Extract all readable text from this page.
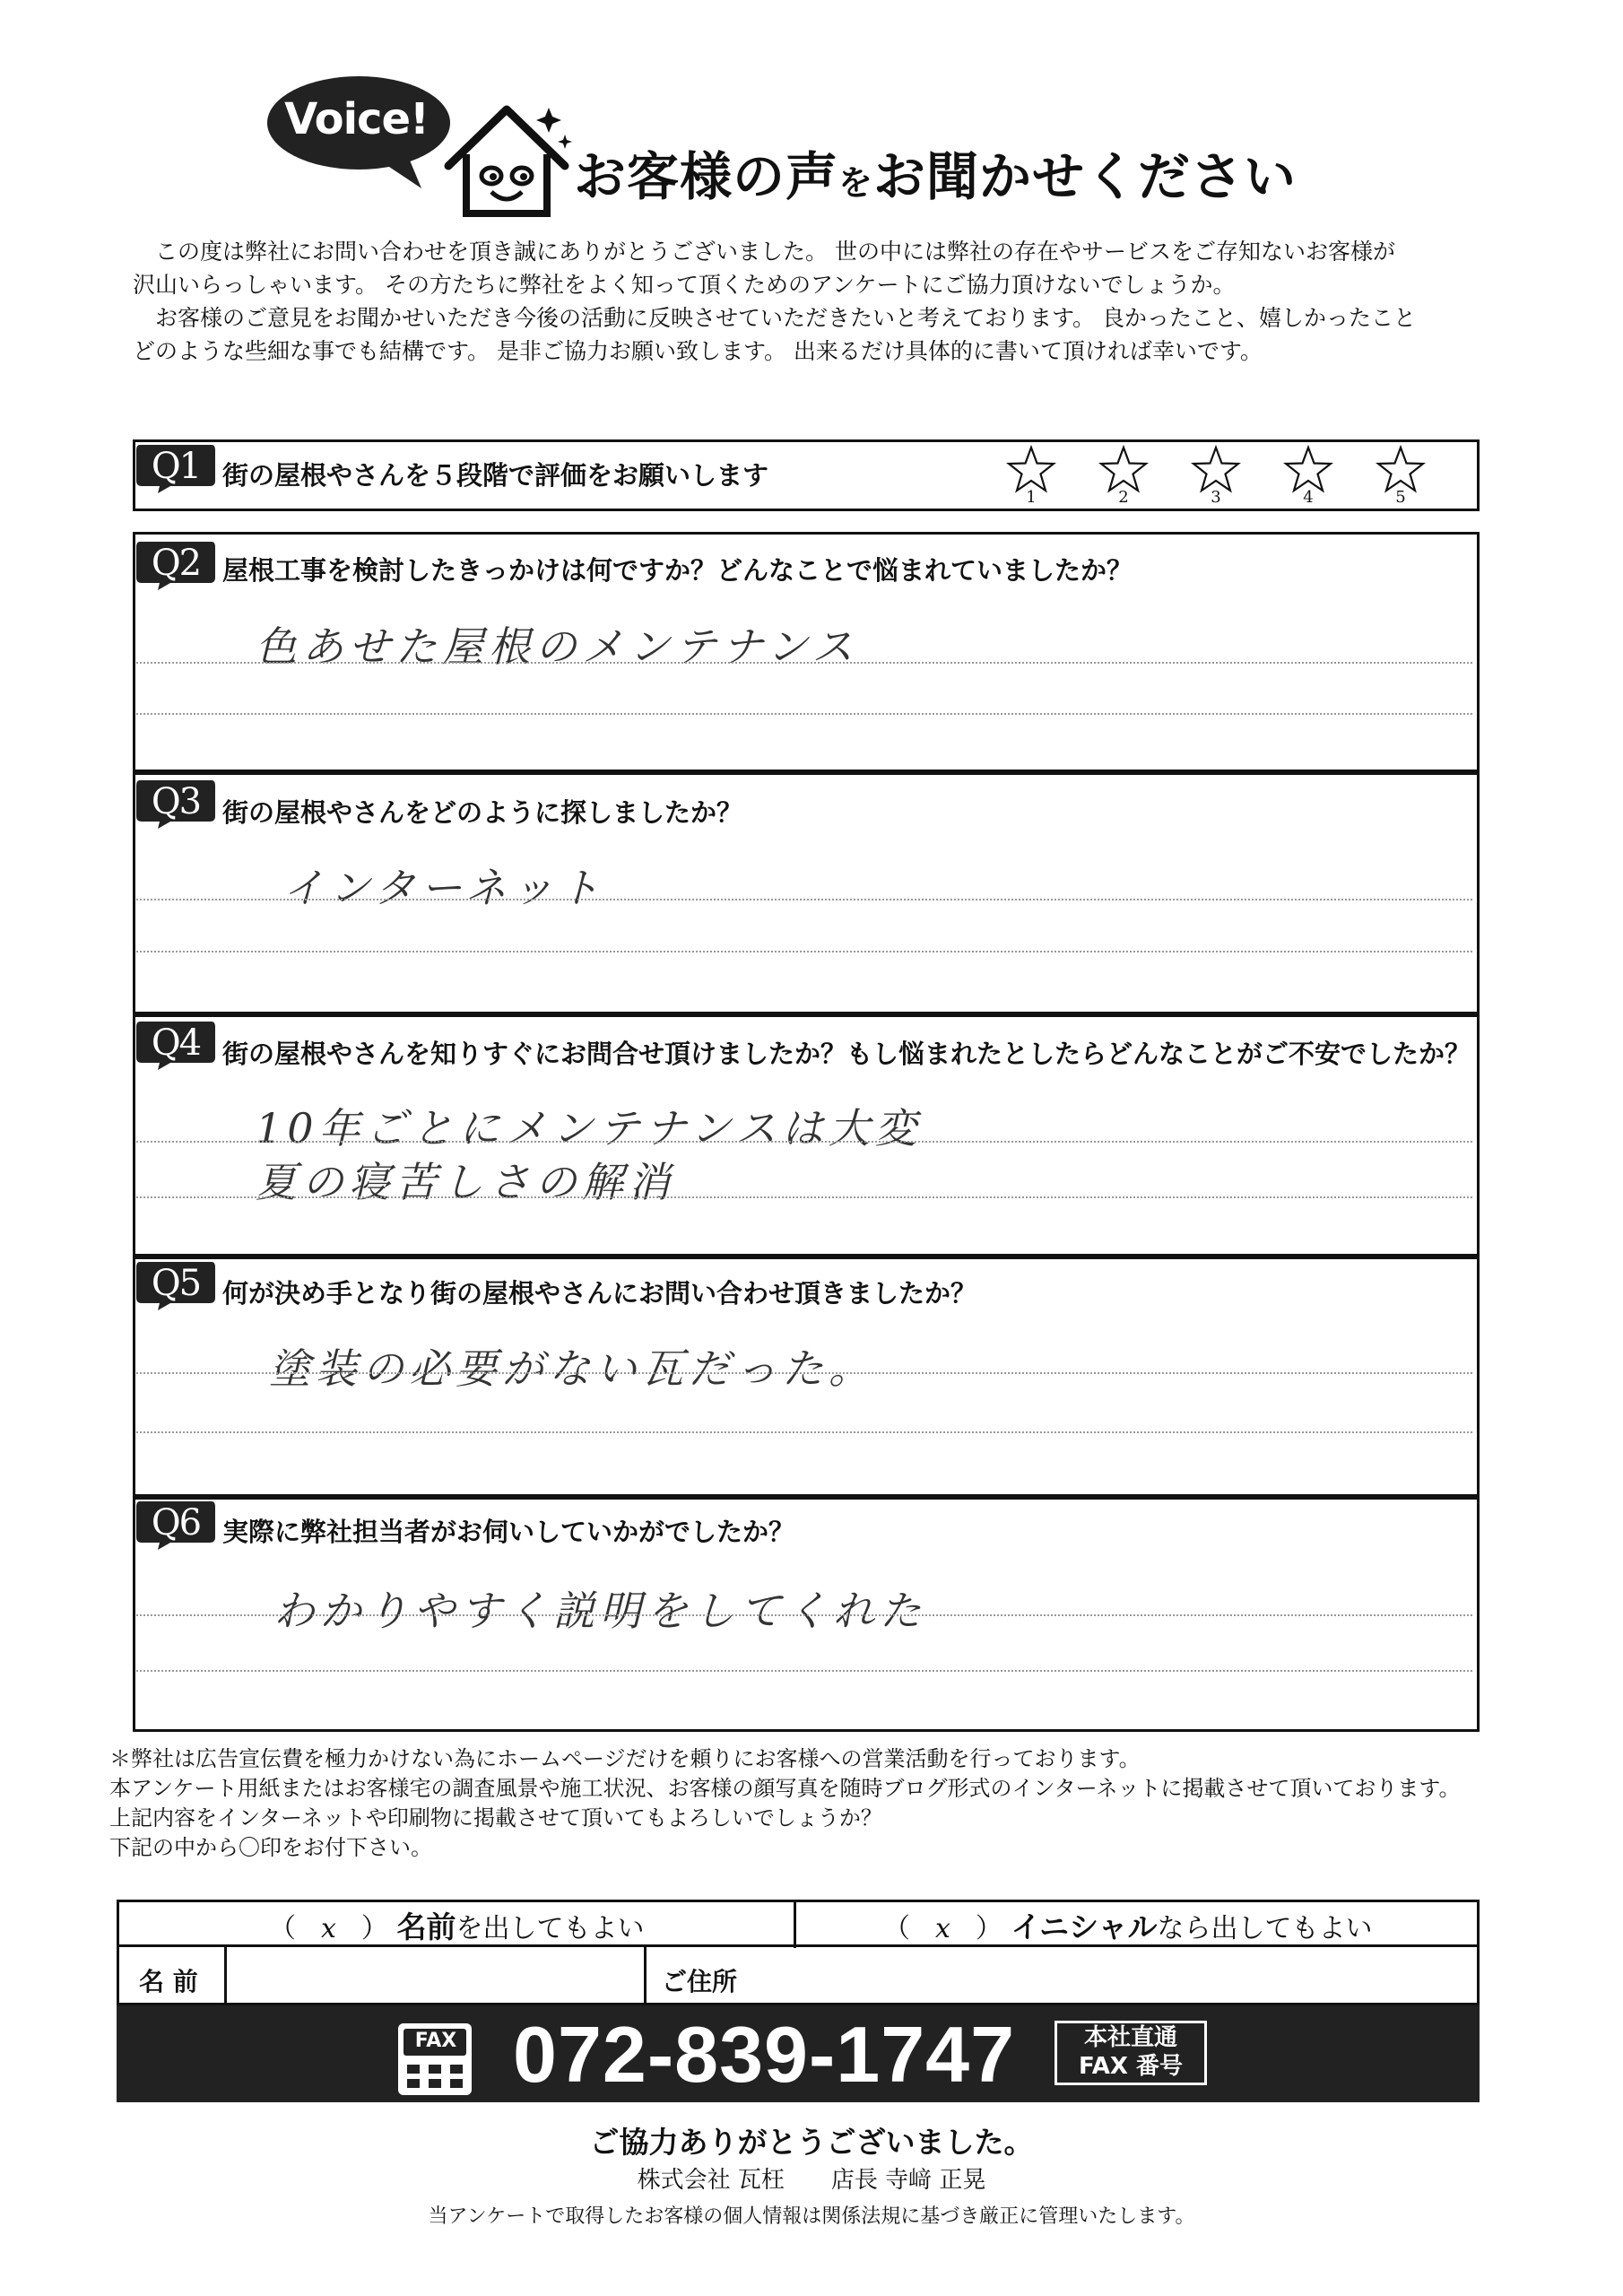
Voice!
お客様の声をお聞かせください
　この度は弊社にお問い合わせを頂き誠にありがとうございました。 世の中には弊社の存在やサービスをご存知ないお客様が
沢山いらっしゃいます。 その方たちに弊社をよく知って頂くためのアンケートにご協力頂けないでしょうか。
　お客様のご意見をお聞かせいただき今後の活動に反映させていただきたいと考えております。 良かったこと、嬉しかったこと
どのような些細な事でも結構です。 是非ご協力お願い致します。 出来るだけ具体的に書いて頂ければ幸いです。
Q1 街の屋根やさんを５段階で評価をお願いします
1	2	3	4	5
Q2 屋根工事を検討したきっかけは何ですか？どんなことで悩まれていましたか？
色あせた屋根のメンテナンス
Q3 街の屋根やさんをどのように探しましたか？
インターネット
Q4 街の屋根やさんを知りすぐにお問合せ頂けましたか？もし悩まれたとしたらどんなことがご不安でしたか？
10年ごとにメンテナンスは大変
夏の寝苦しさの解消
Q5 何が決め手となり街の屋根やさんにお問い合わせ頂きましたか？
塗装の必要がない瓦だった。
Q6 実際に弊社担当者がお伺いしていかがでしたか？
わかりやすく説明をしてくれた
＊弊社は広告宣伝費を極力かけない為にホームページだけを頼りにお客様への営業活動を行っております。
本アンケート用紙またはお客様宅の調査風景や施工状況、お客様の顔写真を随時ブログ形式のインターネットに掲載させて頂いております。
上記内容をインターネットや印刷物に掲載させて頂いてもよろしいでしょうか？
下記の中から〇印をお付下さい。
（ x ） 名前を出してもよい	（ x ） イニシャルなら出してもよい
名 前	ご住所
FAX 072-839-1747	本社直通
FAX 番号
ご協力ありがとうございました。
株式会社 瓦枉　　店長 寺﨑 正晃
当アンケートで取得したお客様の個人情報は関係法規に基づき厳正に管理いたします。
